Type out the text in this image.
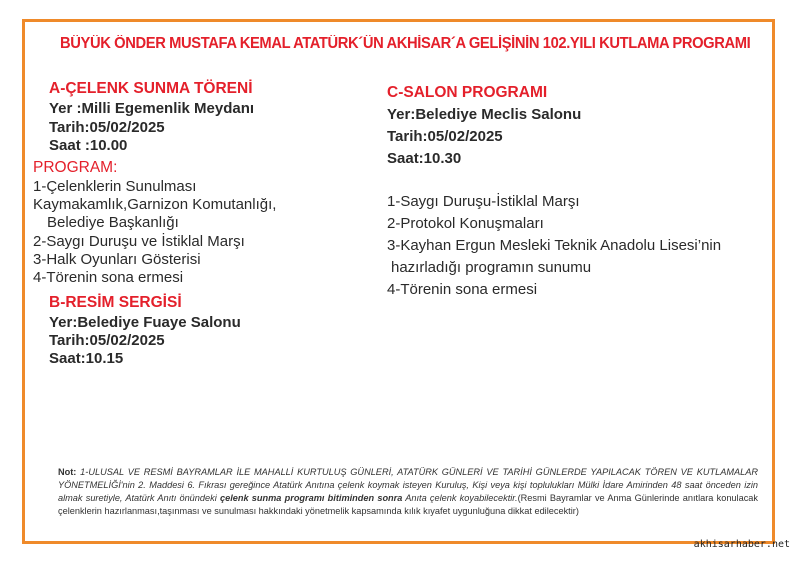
BÜYÜK ÖNDER MUSTAFA KEMAL ATATÜRK´ÜN AKHİSAR´A GELİŞİNİN 102.YILI KUTLAMA PROGRAMI
A-ÇELENK SUNMA TÖRENİ
Yer :Milli Egemenlik Meydanı
Tarih:05/02/2025
Saat :10.00
PROGRAM:
1-Çelenklerin Sunulması
Kaymakamlık,Garnizon Komutanlığı,
Belediye Başkanlığı
2-Saygı Duruşu ve İstiklal Marşı
3-Halk Oyunları Gösterisi
4-Törenin sona ermesi
B-RESİM SERGİSİ
Yer:Belediye Fuaye Salonu
Tarih:05/02/2025
Saat:10.15
C-SALON PROGRAMI
Yer:Belediye Meclis Salonu
Tarih:05/02/2025
Saat:10.30
1-Saygı Duruşu-İstiklal Marşı
2-Protokol Konuşmaları
3-Kayhan Ergun Mesleki Teknik Anadolu Lisesi’nin
hazırladığı programın sunumu
4-Törenin sona ermesi
Not: 1-ULUSAL VE RESMİ BAYRAMLAR İLE MAHALLİ KURTULUŞ GÜNLERİ, ATATÜRK GÜNLERİ VE TARİHİ GÜNLERDE YAPILACAK TÖREN VE KUTLAMALAR YÖNETMELİĞİ'nin 2. Maddesi 6. Fıkrası gereğince Atatürk Anıtına çelenk koymak isteyen Kuruluş, Kişi veya kişi toplulukları Mülki İdare Amirinden 48 saat önceden izin almak suretiyle, Atatürk Anıtı önündeki çelenk sunma programı bitiminden sonra Anıta çelenk koyabilecektir.(Resmi Bayramlar ve Anma Günlerinde anıtlara konulacak çelenklerin hazırlanması,taşınması ve sunulması hakkındaki yönetmelik kapsamında kılık kıyafet uygunluğuna dikkat edilecektir)
akhisarhaber.net
